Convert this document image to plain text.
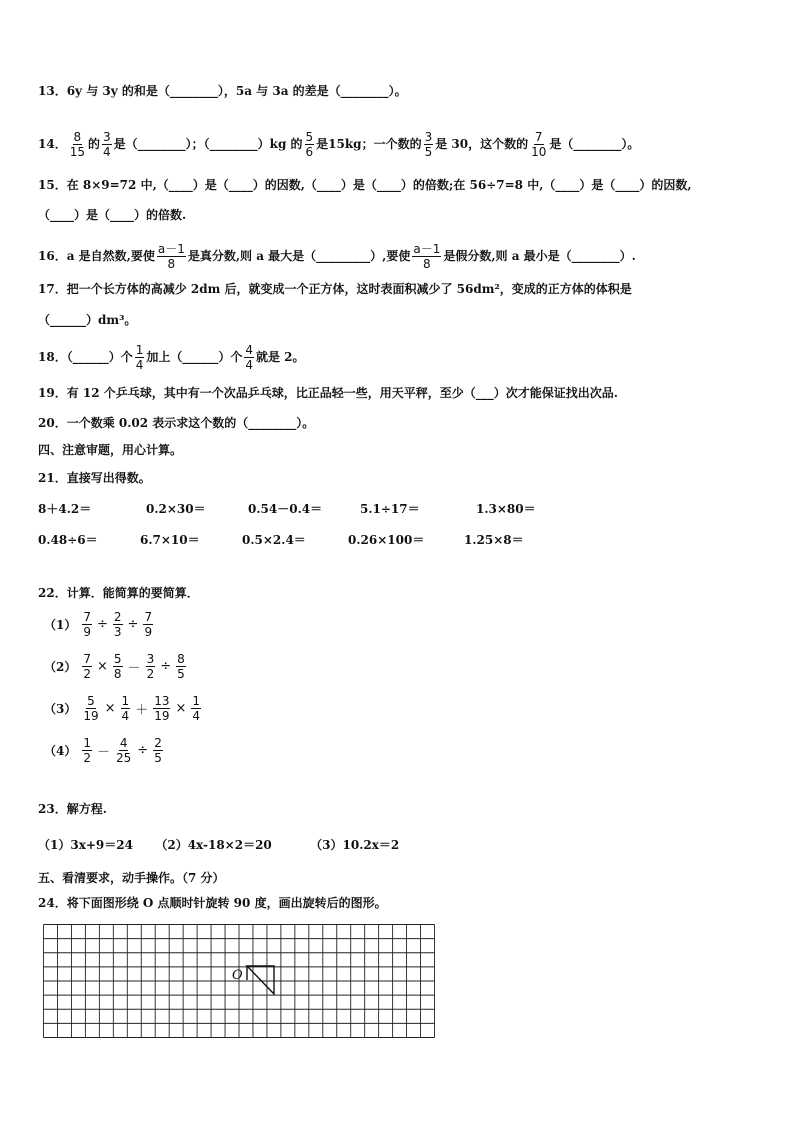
13．6y 与 3y 的和是（________），5a 与 3a 的差是（________）。
14． $\frac{8}{15}$ 的 $\frac{3}{4}$ 是（________）；（________）kg 的 $\frac{5}{6}$ 是15kg；一个数的 $\frac{3}{5}$ 是 30，这个数的 $\frac{7}{10}$ 是（________）。
15．在 8×9=72 中,（____）是（____）的因数,（____）是（____）的倍数;在 56÷7=8 中,（____）是（____）的因数,
（____）是（____）的倍数.
16．a 是自然数,要使 $\frac{a-1}{8}$ 是真分数,则 a 最大是（_________）,要使 $\frac{a-1}{8}$ 是假分数,则 a 最小是（________）.
17．把一个长方体的高减少 2dm 后，就变成一个正方体，这时表面积减少了 56dm²，变成的正方体的体积是
（______）dm³。
18．（______）个 $\frac{1}{4}$ 加上（______）个 $\frac{4}{4}$ 就是 2。
19．有 12 个乒乓球，其中有一个次品乒乓球，比正品轻一些，用天平秤，至少（___）次才能保证找出次品.
20．一个数乘 0.02 表示求这个数的（________）。
四、注意审题，用心计算。
21．直接写出得数。
8＋4.2＝	0.2×30＝	0.54－0.4＝	5.1÷17＝	1.3×80＝
0.48÷6＝	6.7×10＝	0.5×2.4＝	0.26×100＝	1.25×8＝
22．计算．能简算的要简算．
$(1) \frac{7}{9} \div \frac{2}{3} \div \frac{7}{9}$
$(2) \frac{7}{2} \times \frac{5}{8} - \frac{3}{2} \div \frac{8}{5}$
$(3) \frac{5}{19} \times \frac{1}{4} + \frac{13}{19} \times \frac{1}{4}$
$(4) \frac{1}{2} - \frac{4}{25} \div \frac{2}{5}$
23．解方程.
（1）3x+9＝24 （2）4x-18×2＝20	（3）10.2x＝2
五、看清要求，动手操作。（7 分）
24．将下面图形绕 O 点顺时针旋转 90 度，画出旋转后的图形。
O
